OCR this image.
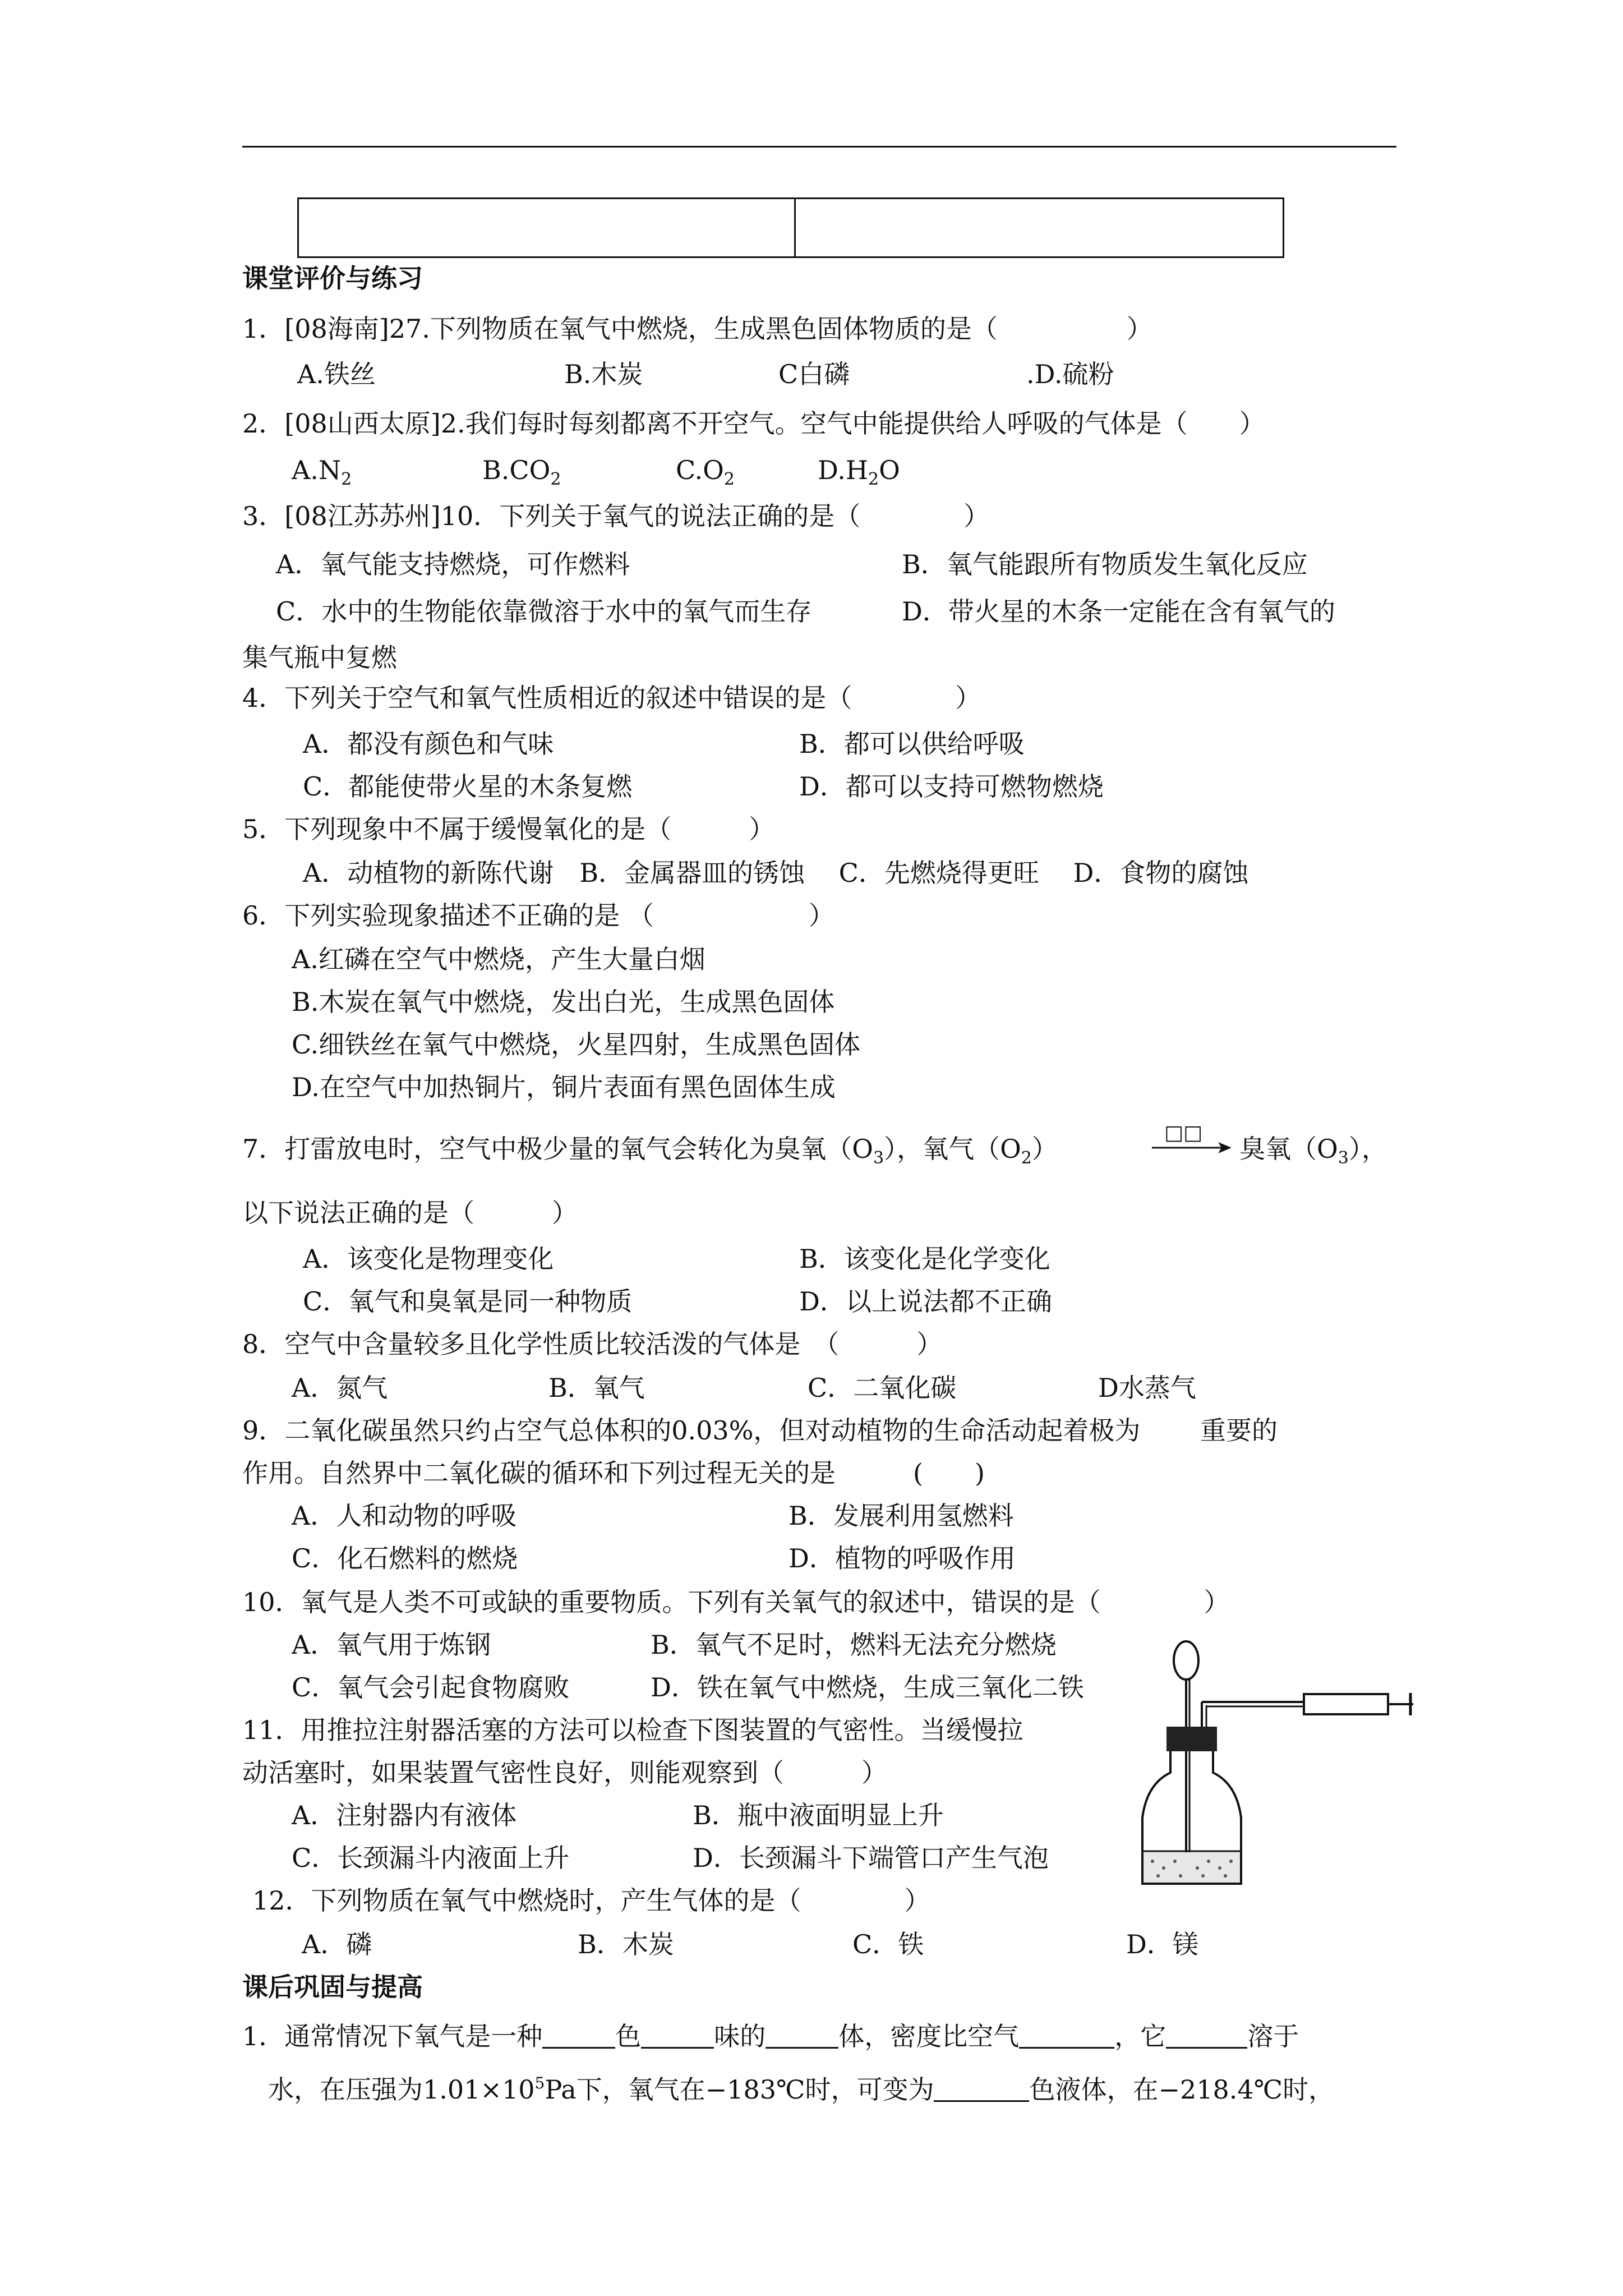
课堂评价与练习
1．[08海南]27.下列物质在氧气中燃烧，生成黑色固体物质的是（　　　　　）
A.铁丝	B.木炭	C白磷	.D.硫粉
2．[08山西太原]2.我们每时每刻都离不开空气。空气中能提供给人呼吸的气体是（　　）
$A.N_2$	$B.CO_2$	$C.O_2$	$D.H_2O$
3．[08江苏苏州]10．下列关于氧气的说法正确的是（　　　　）
A．氧气能支持燃烧，可作燃料	B．氧气能跟所有物质发生氧化反应
C．水中的生物能依靠微溶于水中的氧气而生存	D．带火星的木条一定能在含有氧气的
集气瓶中复燃
4．下列关于空气和氧气性质相近的叙述中错误的是（　　　　）
A．都没有颜色和气味	B．都可以供给呼吸
C．都能使带火星的木条复燃	D．都可以支持可燃物燃烧
5．下列现象中不属于缓慢氧化的是（　　　）
A．动植物的新陈代谢　B．金属器皿的锈蚀　 C．先燃烧得更旺　 D．食物的腐蚀
6．下列实验现象描述不正确的是 （　　　　　　）
A.红磷在空气中燃烧，产生大量白烟
B.木炭在氧气中燃烧，发出白光，生成黑色固体
C.细铁丝在氧气中燃烧，火星四射，生成黑色固体
D.在空气中加热铜片，铜片表面有黑色固体生成
7．打雷放电时，空气中极少量的氧气会转化为臭氧$(O_3)$，氧气$(O_2)$
□□
臭氧$(O_3)$，
以下说法正确的是（　　　）
A．该变化是物理变化	B．该变化是化学变化
C．氧气和臭氧是同一种物质	D．以上说法都不正确
8．空气中含量较多且化学性质比较活泼的气体是　（　　　）
A．氮气	B．氧气	C．二氧化碳	D水蒸气
9．二氧化碳虽然只约占空气总体积的0.03%，但对动植物的生命活动起着极为　　 重要的
作用。自然界中二氧化碳的循环和下列过程无关的是　　　(　　)
A．人和动物的呼吸	B．发展利用氢燃料
C．化石燃料的燃烧	D．植物的呼吸作用
10．氧气是人类不可或缺的重要物质。下列有关氧气的叙述中，错误的是（　　　　）
A．氧气用于炼钢	B．氧气不足时，燃料无法充分燃烧
C．氧气会引起食物腐败	D．铁在氧气中燃烧，生成三氧化二铁
11．用推拉注射器活塞的方法可以检查下图装置的气密性。当缓慢拉
动活塞时，如果装置气密性良好，则能观察到（　　　）
A．注射器内有液体	B．瓶中液面明显上升
C．长颈漏斗内液面上升	D．长颈漏斗下端管口产生气泡
12．下列物质在氧气中燃烧时，产生气体的是（　　　　）
A．磷	B．木炭	C．铁	D．镁
课后巩固与提高
1．通常情况下氧气是一种	色	味的	体，密度比空气	，它	溶于
水，在压强为$1.01\times 10^5Pa$下，氧气在−183℃时，可变为	色液体，在−218.4℃时，
